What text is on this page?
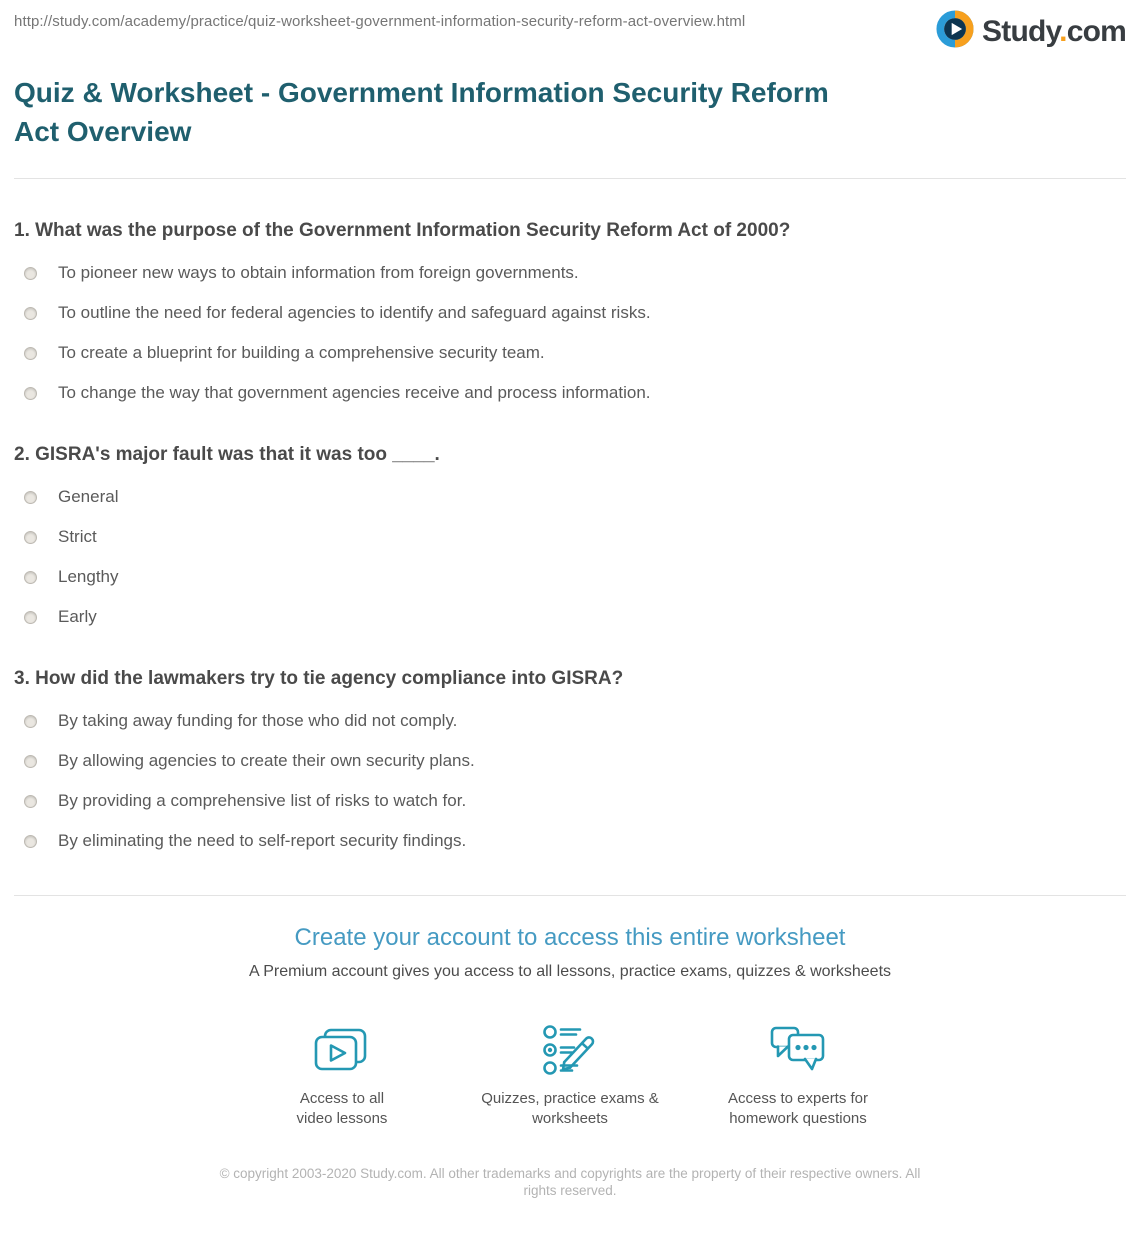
http://study.com/academy/practice/quiz-worksheet-government-information-security-reform-act-overview.html	Study.com
Quiz & Worksheet - Government Information Security Reform Act Overview

1. What was the purpose of the Government Information Security Reform Act of 2000?

To pioneer new ways to obtain information from foreign governments.
To outline the need for federal agencies to identify and safeguard against risks.
To create a blueprint for building a comprehensive security team.
To change the way that government agencies receive and process information.

2. GISRA's major fault was that it was too ____.

General
Strict
Lengthy
Early

3. How did the lawmakers try to tie agency compliance into GISRA?

By taking away funding for those who did not comply.
By allowing agencies to create their own security plans.
By providing a comprehensive list of risks to watch for.
By eliminating the need to self-report security findings.

Create your account to access this entire worksheet

A Premium account gives you access to all lessons, practice exams, quizzes & worksheets

Access to all video lessons
Quizzes, practice exams & worksheets
Access to experts for homework questions
© copyright 2003-2020 Study.com. All other trademarks and copyrights are the property of their respective owners. All rights reserved.
